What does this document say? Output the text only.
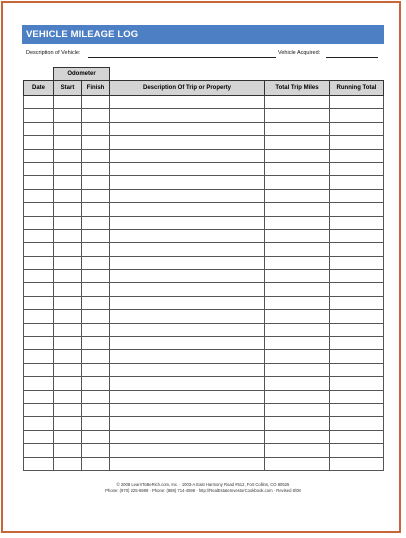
VEHICLE MILEAGE LOG
Description of Vehicle:	Vehicle Acquired:
Odometer
Date	Start	Finish	Description Of Trip or Property	Total Trip Miles	Running Total

© 2008 LearnToBeRich.com, Inc. · 1003-A East Harmony Road #512, Fort Collins, CO 80525
Phone: (970) 225-6989 · Phone: (888) 714-4598 · http://RealEstateInvestorCookbook.com · Revised 8/08
